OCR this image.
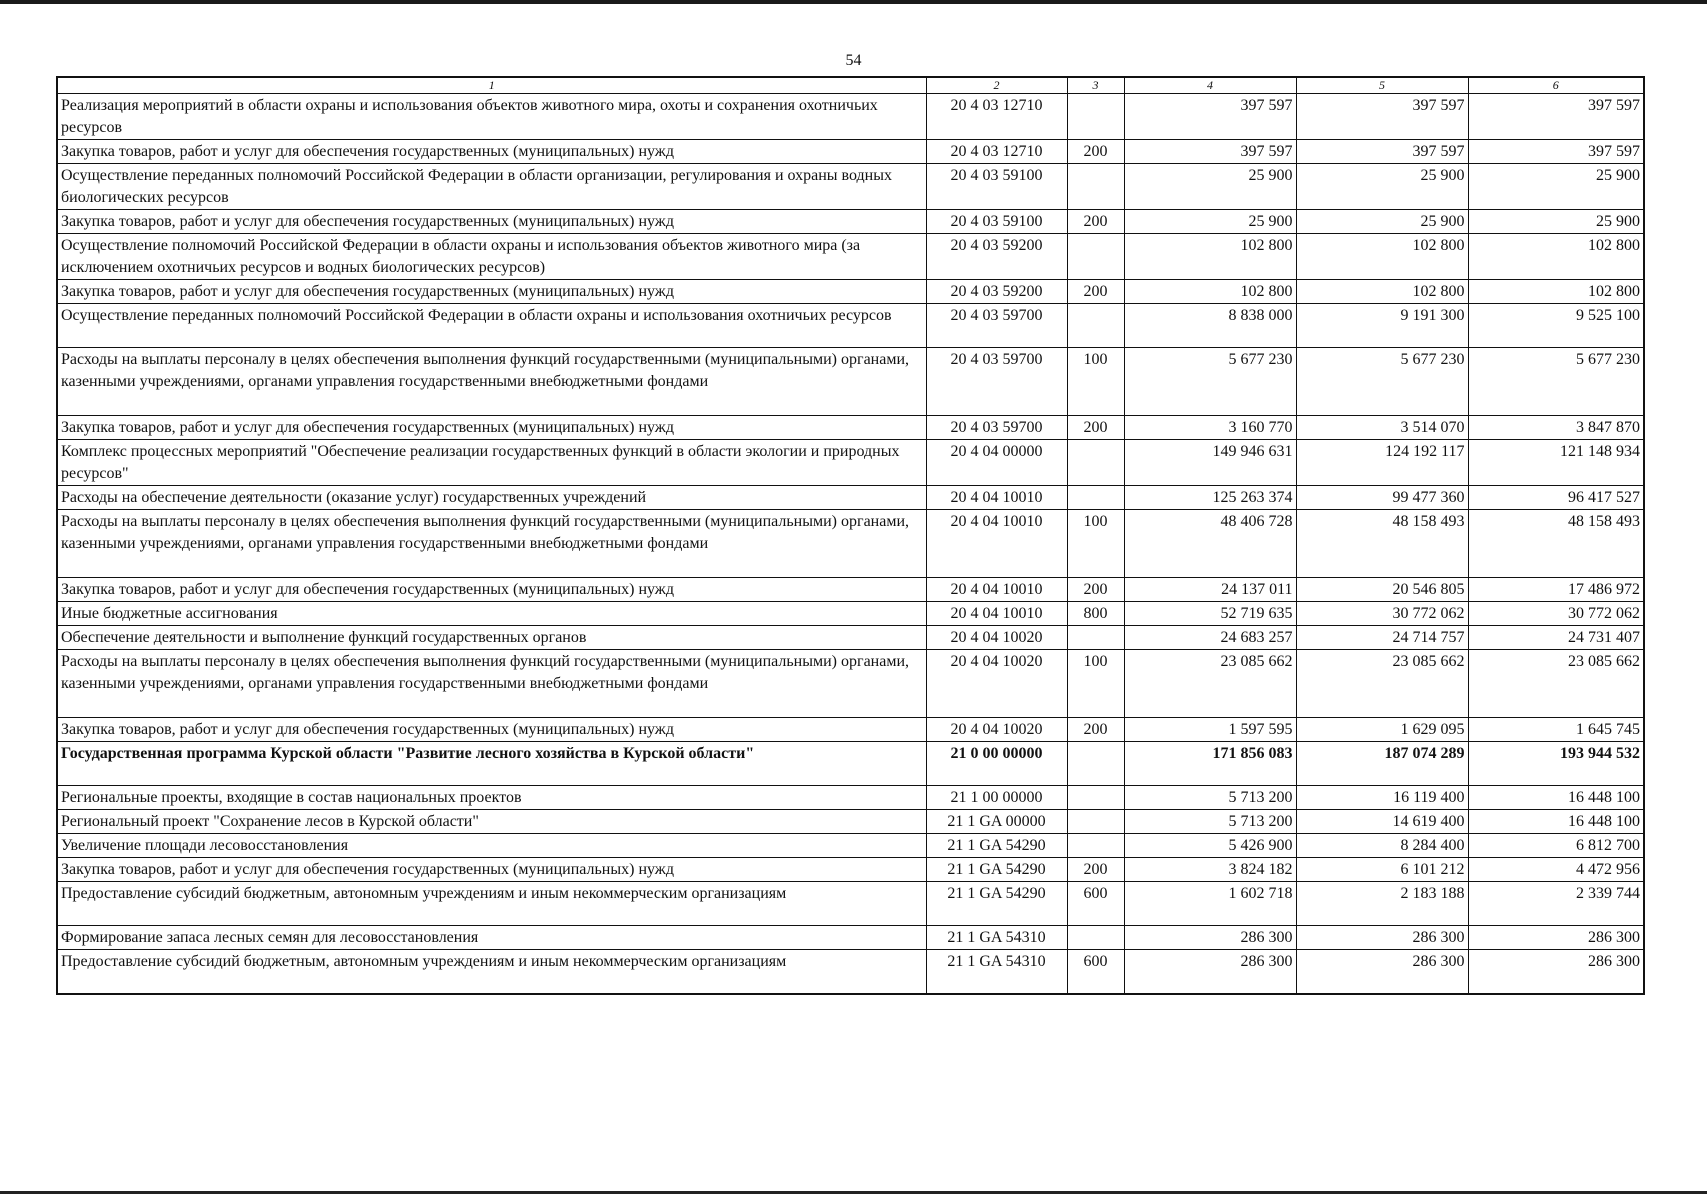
54
1	2	3	4	5	6
Реализация мероприятий в области охраны и использования объектов животного мира, охоты и сохранения охотничьих ресурсов	20 4 03 12710		397 597	397 597	397 597
Закупка товаров, работ и услуг для обеспечения государственных (муниципальных) нужд	20 4 03 12710	200	397 597	397 597	397 597
Осуществление переданных полномочий Российской Федерации в области организации, регулирования и охраны водных биологических ресурсов	20 4 03 59100		25 900	25 900	25 900
Закупка товаров, работ и услуг для обеспечения государственных (муниципальных) нужд	20 4 03 59100	200	25 900	25 900	25 900
Осуществление полномочий Российской Федерации в области охраны и использования объектов животного мира (за исключением охотничьих ресурсов и водных биологических ресурсов)	20 4 03 59200		102 800	102 800	102 800
Закупка товаров, работ и услуг для обеспечения государственных (муниципальных) нужд	20 4 03 59200	200	102 800	102 800	102 800
Осуществление переданных полномочий Российской Федерации в области охраны и использования охотничьих ресурсов	20 4 03 59700		8 838 000	9 191 300	9 525 100
Расходы на выплаты персоналу в целях обеспечения выполнения функций государственными (муниципальными) органами, казенными учреждениями, органами управления государственными внебюджетными фондами	20 4 03 59700	100	5 677 230	5 677 230	5 677 230
Закупка товаров, работ и услуг для обеспечения государственных (муниципальных) нужд	20 4 03 59700	200	3 160 770	3 514 070	3 847 870
Комплекс процессных мероприятий "Обеспечение реализации государственных функций в области экологии и природных ресурсов"	20 4 04 00000		149 946 631	124 192 117	121 148 934
Расходы на обеспечение деятельности (оказание услуг) государственных учреждений	20 4 04 10010		125 263 374	99 477 360	96 417 527
Расходы на выплаты персоналу в целях обеспечения выполнения функций государственными (муниципальными) органами, казенными учреждениями, органами управления государственными внебюджетными фондами	20 4 04 10010	100	48 406 728	48 158 493	48 158 493
Закупка товаров, работ и услуг для обеспечения государственных (муниципальных) нужд	20 4 04 10010	200	24 137 011	20 546 805	17 486 972
Иные бюджетные ассигнования	20 4 04 10010	800	52 719 635	30 772 062	30 772 062
Обеспечение деятельности и выполнение функций государственных органов	20 4 04 10020		24 683 257	24 714 757	24 731 407
Расходы на выплаты персоналу в целях обеспечения выполнения функций государственными (муниципальными) органами, казенными учреждениями, органами управления государственными внебюджетными фондами	20 4 04 10020	100	23 085 662	23 085 662	23 085 662
Закупка товаров, работ и услуг для обеспечения государственных (муниципальных) нужд	20 4 04 10020	200	1 597 595	1 629 095	1 645 745
Государственная программа Курской области "Развитие лесного хозяйства в Курской области"	21 0 00 00000		171 856 083	187 074 289	193 944 532
Региональные проекты, входящие в состав национальных проектов	21 1 00 00000		5 713 200	16 119 400	16 448 100
Региональный проект "Сохранение лесов в Курской области"	21 1 GA 00000		5 713 200	14 619 400	16 448 100
Увеличение площади лесовосстановления	21 1 GA 54290		5 426 900	8 284 400	6 812 700
Закупка товаров, работ и услуг для обеспечения государственных (муниципальных) нужд	21 1 GA 54290	200	3 824 182	6 101 212	4 472 956
Предоставление субсидий бюджетным, автономным учреждениям и иным некоммерческим организациям	21 1 GA 54290	600	1 602 718	2 183 188	2 339 744
Формирование запаса лесных семян для лесовосстановления	21 1 GA 54310		286 300	286 300	286 300
Предоставление субсидий бюджетным, автономным учреждениям и иным некоммерческим организациям	21 1 GA 54310	600	286 300	286 300	286 300
